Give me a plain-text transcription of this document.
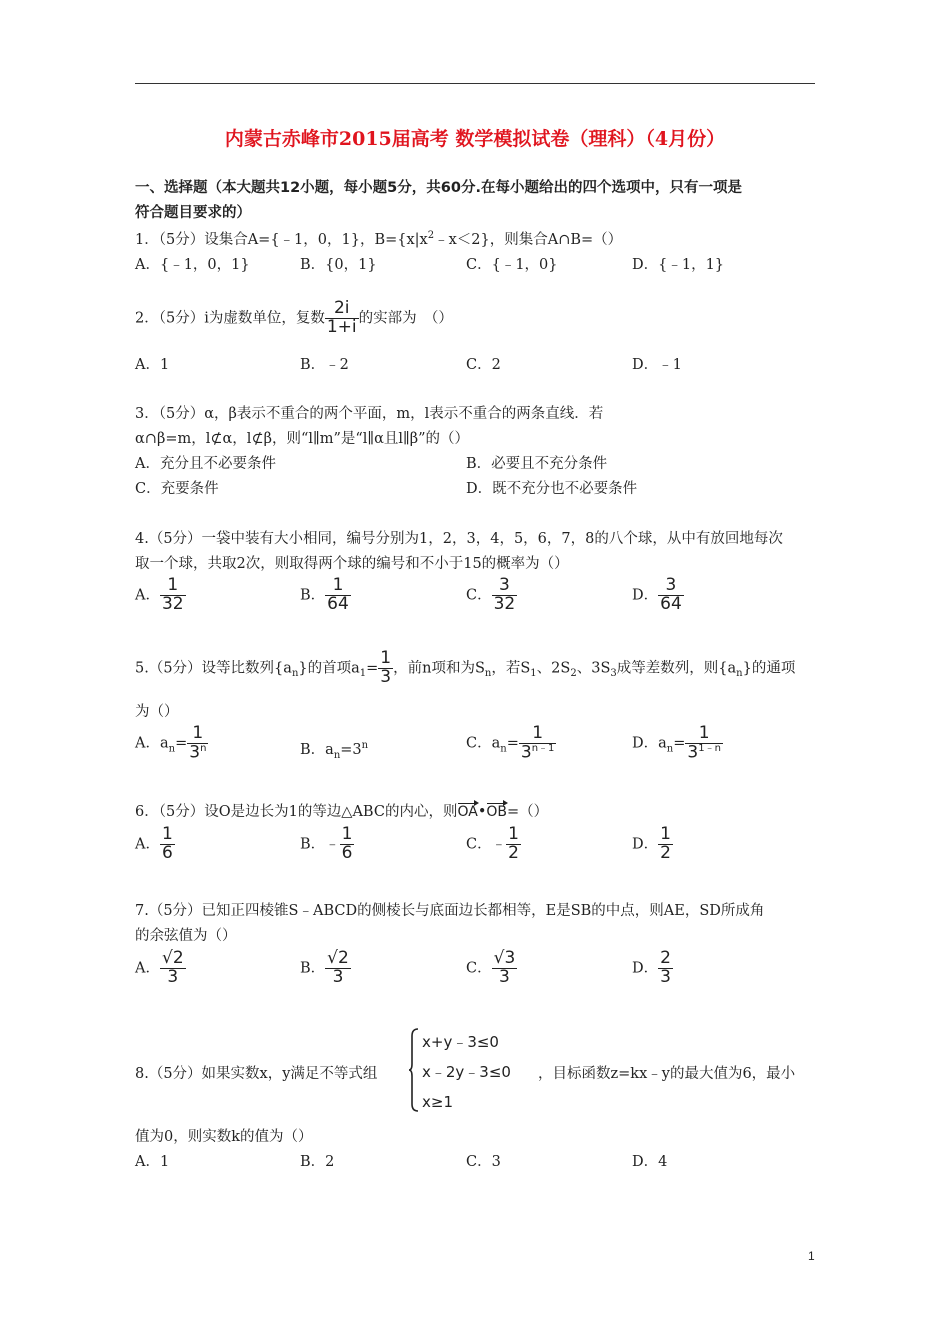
内蒙古赤峰市2015届高考 数学模拟试卷（理科）（4月份）
一、选择题（本大题共12小题，每小题5分，共60分.在每小题给出的四个选项中，只有一项是
符合题目要求的）
1．（5分）设集合A={﹣1，0，1}，$B=\{x|x^2﹣x<2\}$，则集合A∩B=（）
A．{﹣1，0，1}	B．{0，1}	C．{﹣1，0}	D．{﹣1，1}
2．（5分）i为虚数单位，复数 $\frac{2i}{1+i}$ 的实部为　（）
A．1	B．﹣2	C．2	D．﹣1
3．（5分）α，β表示不重合的两个平面，m，l表示不重合的两条直线．若
α∩β=m，l⊄α，l⊄β，则“l∥m”是“l∥α且l∥β”的（）
A．充分且不必要条件	B．必要且不充分条件
C．充要条件	D．既不充分也不必要条件
4.（5分）一袋中装有大小相同，编号分别为1，2，3，4，5，6，7，8的八个球，从中有放回地每次
取一个球，共取2次，则取得两个球的编号和不小于15的概率为（）
A． $\frac{1}{32}$	B． $\frac{1}{64}$	C． $\frac{3}{32}$	D． $\frac{3}{64}$
5.（5分）设等比数列$\{a_n\}$的首项$a_1= \frac{1}{3}$ ，前n项和为$S_n$，若$S_1$、$2S_2$、$3S_3$成等差数列，则$\{a_n\}$的通项
为（）
A．$a_n= \frac{1}{3^n}$	B．$a_n=3^n$	C．$a_n= \frac{1}{3^{n﹣1}}$	D．$a_n= \frac{1}{3^{1﹣n}}$
6．（5分）设O是边长为1的等边△ABC的内心，则OA•OB=（）
A． $\frac{1}{6}$	B．﹣ $\frac{1}{6}$	C．﹣ $\frac{1}{2}$	D． $\frac{1}{2}$
7.（5分）已知正四棱锥S﹣ABCD的侧棱长与底面边长都相等，E是SB的中点，则AE，SD所成角
的余弦值为（）
A． $\frac{√2}{3}$	B． $\frac{√2}{3}$	C． $\frac{√3}{3}$	D． $\frac{2}{3}$
8.（5分）如果实数x，y满足不等式组
x+y﹣3≤0
x﹣2y﹣3≤0
x≥1
，目标函数z=kx﹣y的最大值为6，最小
值为0，则实数k的值为（）
A．1	B．2	C．3	D．4
1
